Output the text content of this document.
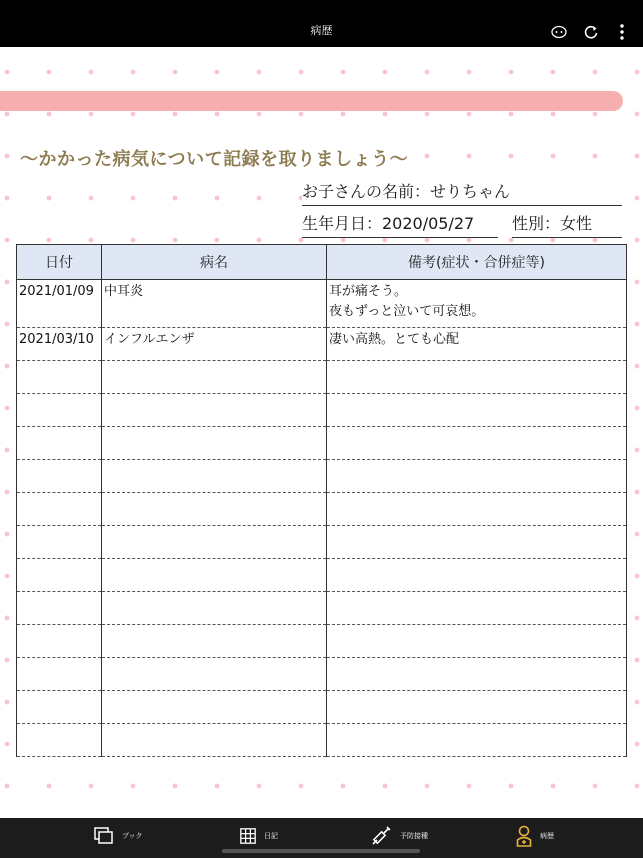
病歴
〜かかった病気について記録を取りましょう〜
お子さんの名前：せりちゃん
生年月日：2020/05/27	性別：女性
日付	病名	備考(症状・合併症等)
2021/01/09	中耳炎	耳が痛そう。
夜もずっと泣いて可哀想。

2021/03/10	インフルエンザ	凄い高熱。とても心配

ブック	日記	予防接種	病歴
